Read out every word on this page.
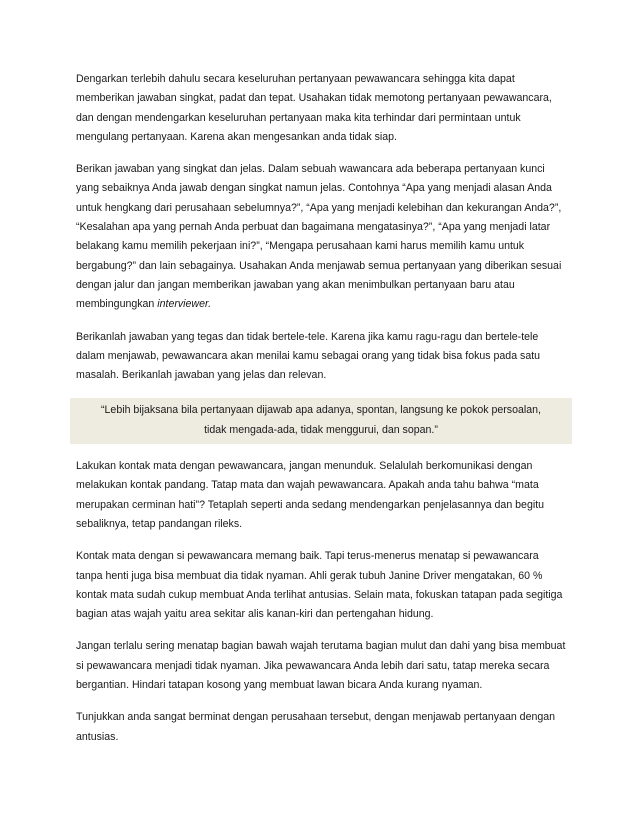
Dengarkan terlebih dahulu secara keseluruhan pertanyaan pewawancara sehingga kita dapat memberikan jawaban singkat, padat dan tepat. Usahakan tidak memotong pertanyaan pewawancara, dan dengan mendengarkan keseluruhan pertanyaan maka kita terhindar dari permintaan untuk mengulang pertanyaan. Karena akan mengesankan anda tidak siap.

Berikan jawaban yang singkat dan jelas. Dalam sebuah wawancara ada beberapa pertanyaan kunci yang sebaiknya Anda jawab dengan singkat namun jelas. Contohnya “Apa yang menjadi alasan Anda untuk hengkang dari perusahaan sebelumnya?”, “Apa yang menjadi kelebihan dan kekurangan Anda?”, “Kesalahan apa yang pernah Anda perbuat dan bagaimana mengatasinya?”, “Apa yang menjadi latar belakang kamu memilih pekerjaan ini?”, “Mengapa perusahaan kami harus memilih kamu untuk bergabung?” dan lain sebagainya. Usahakan Anda menjawab semua pertanyaan yang diberikan sesuai dengan jalur dan jangan memberikan jawaban yang akan menimbulkan pertanyaan baru atau membingungkan interviewer.

Berikanlah jawaban yang tegas dan tidak bertele-tele. Karena jika kamu ragu-ragu dan bertele-tele dalam menjawab, pewawancara akan menilai kamu sebagai orang yang tidak bisa fokus pada satu masalah. Berikanlah jawaban yang jelas dan relevan.

“Lebih bijaksana bila pertanyaan dijawab apa adanya, spontan, langsung ke pokok persoalan,
tidak mengada-ada, tidak menggurui, dan sopan.”

Lakukan kontak mata dengan pewawancara, jangan menunduk. Selalulah berkomunikasi dengan melakukan kontak pandang. Tatap mata dan wajah pewawancara. Apakah anda tahu bahwa “mata merupakan cerminan hati”? Tetaplah seperti anda sedang mendengarkan penjelasannya dan begitu sebaliknya, tetap pandangan rileks.

Kontak mata dengan si pewawancara memang baik. Tapi terus-menerus menatap si pewawancara tanpa henti juga bisa membuat dia tidak nyaman. Ahli gerak tubuh Janine Driver mengatakan, 60 % kontak mata sudah cukup membuat Anda terlihat antusias. Selain mata, fokuskan tatapan pada segitiga bagian atas wajah yaitu area sekitar alis kanan-kiri dan pertengahan hidung.

Jangan terlalu sering menatap bagian bawah wajah terutama bagian mulut dan dahi yang bisa membuat si pewawancara menjadi tidak nyaman. Jika pewawancara Anda lebih dari satu, tatap mereka secara bergantian. Hindari tatapan kosong yang membuat lawan bicara Anda kurang nyaman.

Tunjukkan anda sangat berminat dengan perusahaan tersebut, dengan menjawab pertanyaan dengan antusias.
